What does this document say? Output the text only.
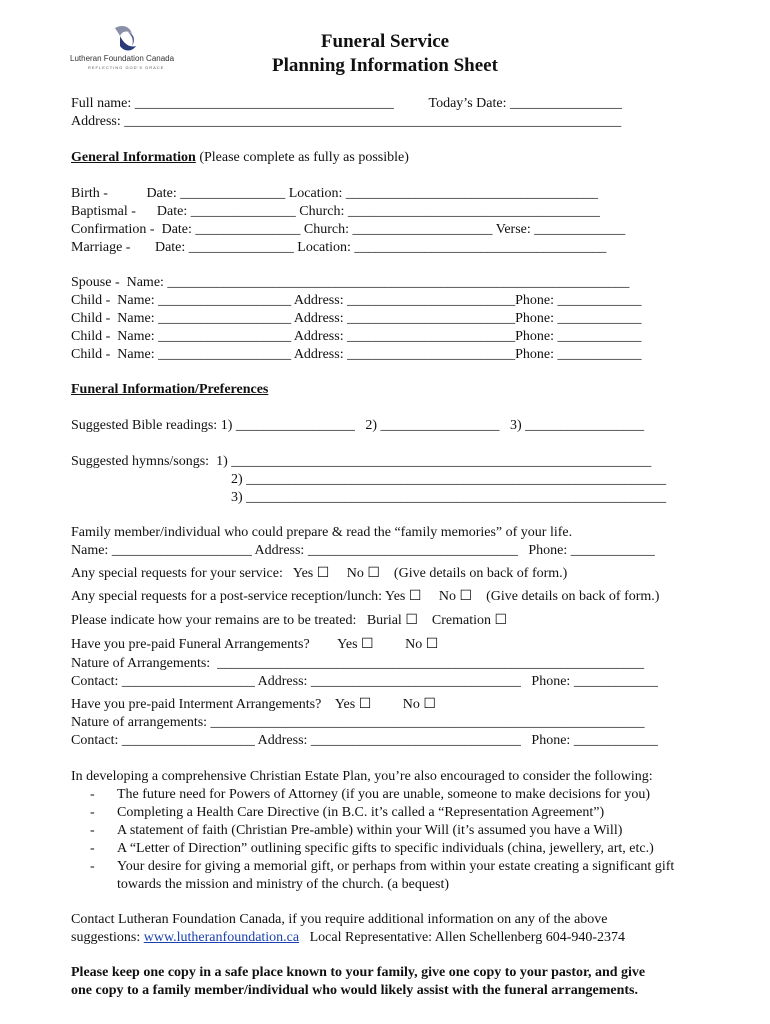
Lutheran Foundation Canada
REFLECTING GOD'S GRACE
Funeral Service
Planning Information Sheet
Full name: _____________________________________          Today’s Date: ________________
Address: _______________________________________________________________________
General Information (Please complete as fully as possible)
Birth -           Date: _______________ Location: ____________________________________
Baptismal -      Date: _______________ Church: ____________________________________
Confirmation -  Date: _______________ Church: ____________________ Verse: _____________
Marriage -       Date: _______________ Location: ____________________________________
Spouse -  Name: __________________________________________________________________
Child -  Name: ___________________ Address: ________________________Phone: ____________
Child -  Name: ___________________ Address: ________________________Phone: ____________
Child -  Name: ___________________ Address: ________________________Phone: ____________
Child -  Name: ___________________ Address: ________________________Phone: ____________
Funeral Information/Preferences
Suggested Bible readings: 1) _________________   2) _________________   3) _________________
Suggested hymns/songs:  1) ____________________________________________________________
2) ____________________________________________________________
3) ____________________________________________________________
Family member/individual who could prepare & read the “family memories” of your life.
Name: ____________________ Address: ______________________________   Phone: ____________
Any special requests for your service:   Yes ☐     No ☐    (Give details on back of form.)
Any special requests for a post-service reception/lunch: Yes ☐     No ☐    (Give details on back of form.)
Please indicate how your remains are to be treated:   Burial ☐    Cremation ☐
Have you pre-paid Funeral Arrangements?        Yes ☐         No ☐
Nature of Arrangements:  _____________________________________________________________
Contact: ___________________ Address: ______________________________   Phone: ____________
Have you pre-paid Interment Arrangements?    Yes ☐         No ☐
Nature of arrangements: ______________________________________________________________
Contact: ___________________ Address: ______________________________   Phone: ____________
In developing a comprehensive Christian Estate Plan, you’re also encouraged to consider the following:
- The future need for Powers of Attorney (if you are unable, someone to make decisions for you)
- Completing a Health Care Directive (in B.C. it’s called a “Representation Agreement”)
- A statement of faith (Christian Pre-amble) within your Will (it’s assumed you have a Will)
- A “Letter of Direction” outlining specific gifts to specific individuals (china, jewellery, art, etc.)
- Your desire for giving a memorial gift, or perhaps from within your estate creating a significant gift towards the mission and ministry of the church. (a bequest)
Contact Lutheran Foundation Canada, if you require additional information on any of the above
suggestions: www.lutheranfoundation.ca   Local Representative: Allen Schellenberg 604-940-2374
Please keep one copy in a safe place known to your family, give one copy to your pastor, and give
one copy to a family member/individual who would likely assist with the funeral arrangements.
